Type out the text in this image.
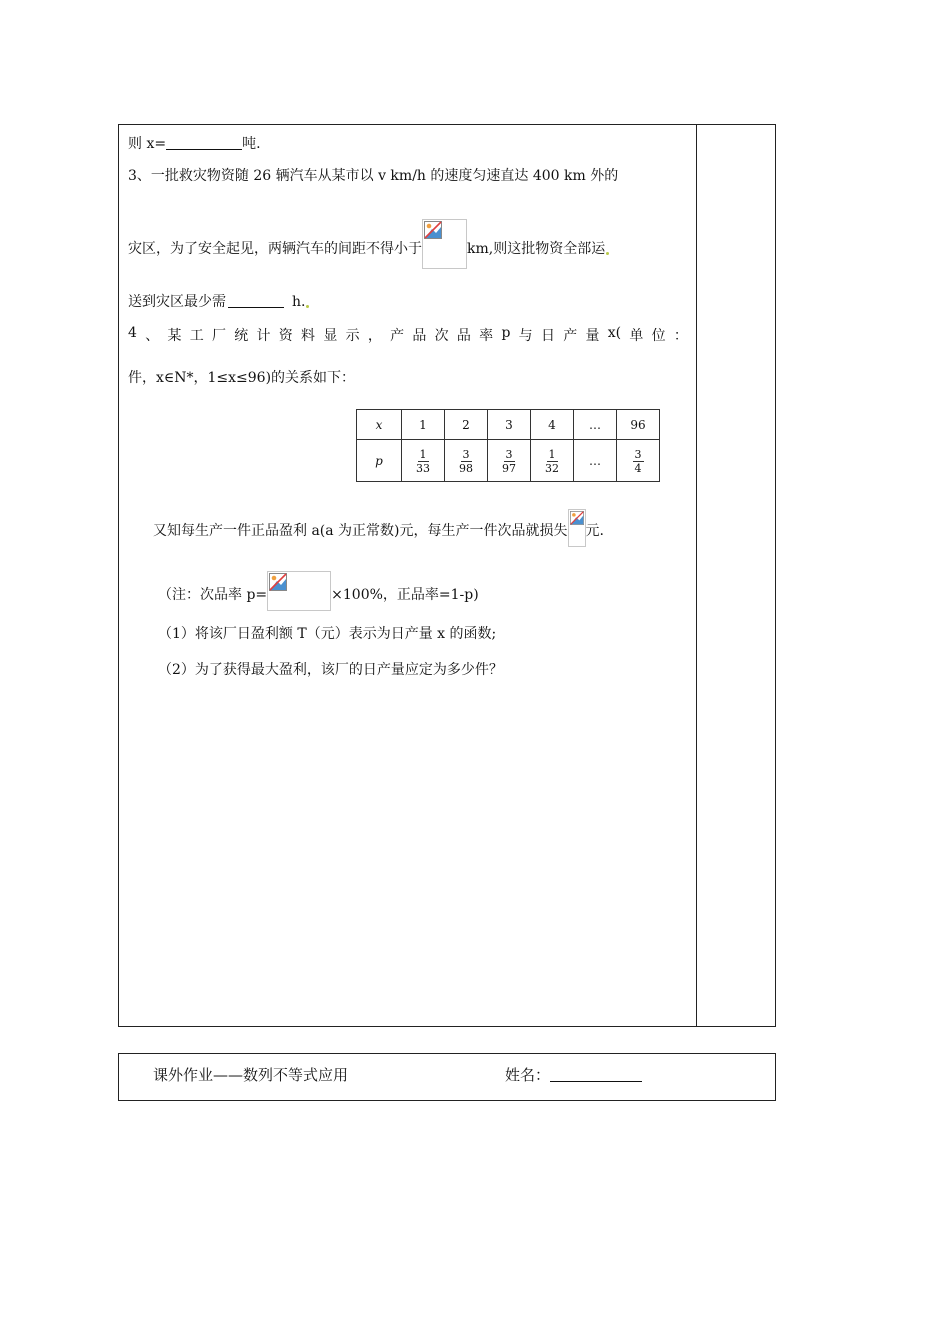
则 x=	吨.
3、一批救灾物资随 26 辆汽车从某市以 v km/h 的速度匀速直达 400 km 外的
灾区，为了安全起见，两辆汽车的间距不得小于	km,则这批物资全部运
送到灾区最少需	h.
4 、 某 工 厂 统 计 资 料 显 示 ， 产 品 次 品 率 p 与 日 产 量 x( 单 位 ：
件，x∈N*，1≤x≤96)的关系如下：
x	1	2	3	4	…	96
p	$\frac{1}{33}$	$\frac{3}{98}$	$\frac{3}{97}$	$\frac{1}{32}$	…	$\frac{3}{4}$
又知每生产一件正品盈利 a(a 为正常数)元，每生产一件次品就损失 元.
（注：次品率 p=	×100%，正品率=1-p)
（1）将该厂日盈利额 T（元）表示为日产量 x 的函数;
（2）为了获得最大盈利，该厂的日产量应定为多少件？
课外作业——数列不等式应用	姓名：
